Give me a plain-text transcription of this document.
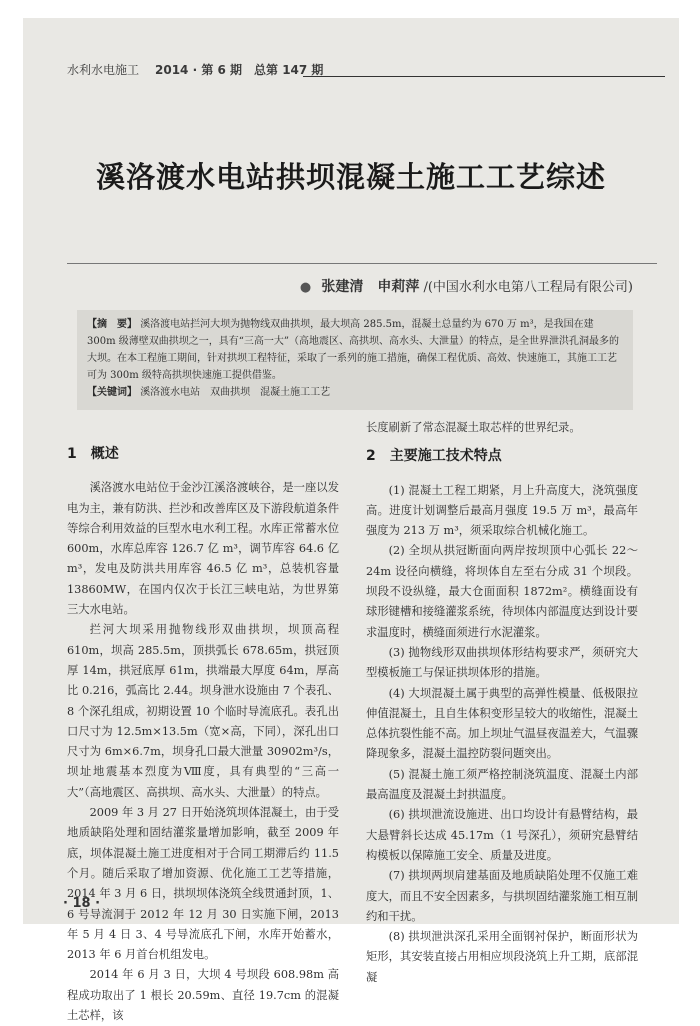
水利水电施工 2014 · 第 6 期　总第 147 期
溪洛渡水电站拱坝混凝土施工工艺综述
● 张建清　申莉萍 /(中国水利水电第八工程局有限公司)

【摘　要】 溪洛渡电站拦河大坝为抛物线双曲拱坝，最大坝高 285.5m，混凝土总量约为 670 万 m³，是我国在建 300m 级薄壁双曲拱坝之一，具有“三高一大”（高地震区、高拱坝、高水头、大泄量）的特点，是全世界泄洪孔洞最多的大坝。在本工程施工期间，针对拱坝工程特征，采取了一系列的施工措施，确保工程优质、高效、快速施工，其施工工艺可为 300m 级特高拱坝快速施工提供借鉴。

【关键词】 溪洛渡水电站　双曲拱坝　混凝土施工工艺

1　概述

溪洛渡水电站位于金沙江溪洛渡峡谷，是一座以发电为主，兼有防洪、拦沙和改善库区及下游段航道条件等综合利用效益的巨型水电水利工程。水库正常蓄水位 600m，水库总库容 126.7 亿 m³，调节库容 64.6 亿 m³，发电及防洪共用库容 46.5 亿 m³，总装机容量 13860MW，在国内仅次于长江三峡电站，为世界第三大水电站。

拦河大坝采用抛物线形双曲拱坝，坝顶高程 610m，坝高 285.5m，顶拱弧长 678.65m，拱冠顶厚 14m，拱冠底厚 61m，拱端最大厚度 64m，厚高比 0.216，弧高比 2.44。坝身泄水设施由 7 个表孔、8 个深孔组成，初期设置 10 个临时导流底孔。表孔出口尺寸为 12.5m×13.5m（宽×高，下同），深孔出口尺寸为 6m×6.7m，坝身孔口最大泄量 30902m³/s，坝址地震基本烈度为Ⅷ度，具有典型的“三高一大”（高地震区、高拱坝、高水头、大泄量）的特点。

2009 年 3 月 27 日开始浇筑坝体混凝土，由于受地质缺陷处理和固结灌浆量增加影响，截至 2009 年底，坝体混凝土施工进度相对于合同工期滞后约 11.5 个月。随后采取了增加资源、优化施工工艺等措施，2014 年 3 月 6 日，拱坝坝体浇筑全线贯通封顶，1、6 号导流洞于 2012 年 12 月 30 日实施下闸，2013 年 5 月 4 日 3、4 号导流底孔下闸，水库开始蓄水，2013 年 6 月首台机组发电。

2014 年 6 月 3 日，大坝 4 号坝段 608.98m 高程成功取出了 1 根长 20.59m、直径 19.7cm 的混凝土芯样，该

长度刷新了常态混凝土取芯样的世界纪录。

2　主要施工技术特点

(1) 混凝土工程工期紧，月上升高度大，浇筑强度高。进度计划调整后最高月强度 19.5 万 m³，最高年强度为 213 万 m³，须采取综合机械化施工。

(2) 全坝从拱冠断面向两岸按坝顶中心弧长 22～24m 设径向横缝，将坝体自左至右分成 31 个坝段。坝段不设纵缝，最大仓面面积 1872m²。横缝面设有球形键槽和接缝灌浆系统，待坝体内部温度达到设计要求温度时，横缝面须进行水泥灌浆。

(3) 抛物线形双曲拱坝体形结构要求严，须研究大型模板施工与保证拱坝体形的措施。

(4) 大坝混凝土属于典型的高弹性模量、低极限拉伸值混凝土，且自生体积变形呈较大的收缩性，混凝土总体抗裂性能不高。加上坝址气温昼夜温差大，气温骤降现象多，混凝土温控防裂问题突出。

(5) 混凝土施工须严格控制浇筑温度、混凝土内部最高温度及混凝土封拱温度。

(6) 拱坝泄流设施进、出口均设计有悬臂结构，最大悬臂斜长达成 45.17m（1 号深孔），须研究悬臂结构模板以保障施工安全、质量及进度。

(7) 拱坝两坝肩建基面及地质缺陷处理不仅施工难度大，而且不安全因素多，与拱坝固结灌浆施工相互制约和干扰。

(8) 拱坝泄洪深孔采用全面钢衬保护，断面形状为矩形，其安装直接占用相应坝段浇筑上升工期，底部混凝

· 18 ·
